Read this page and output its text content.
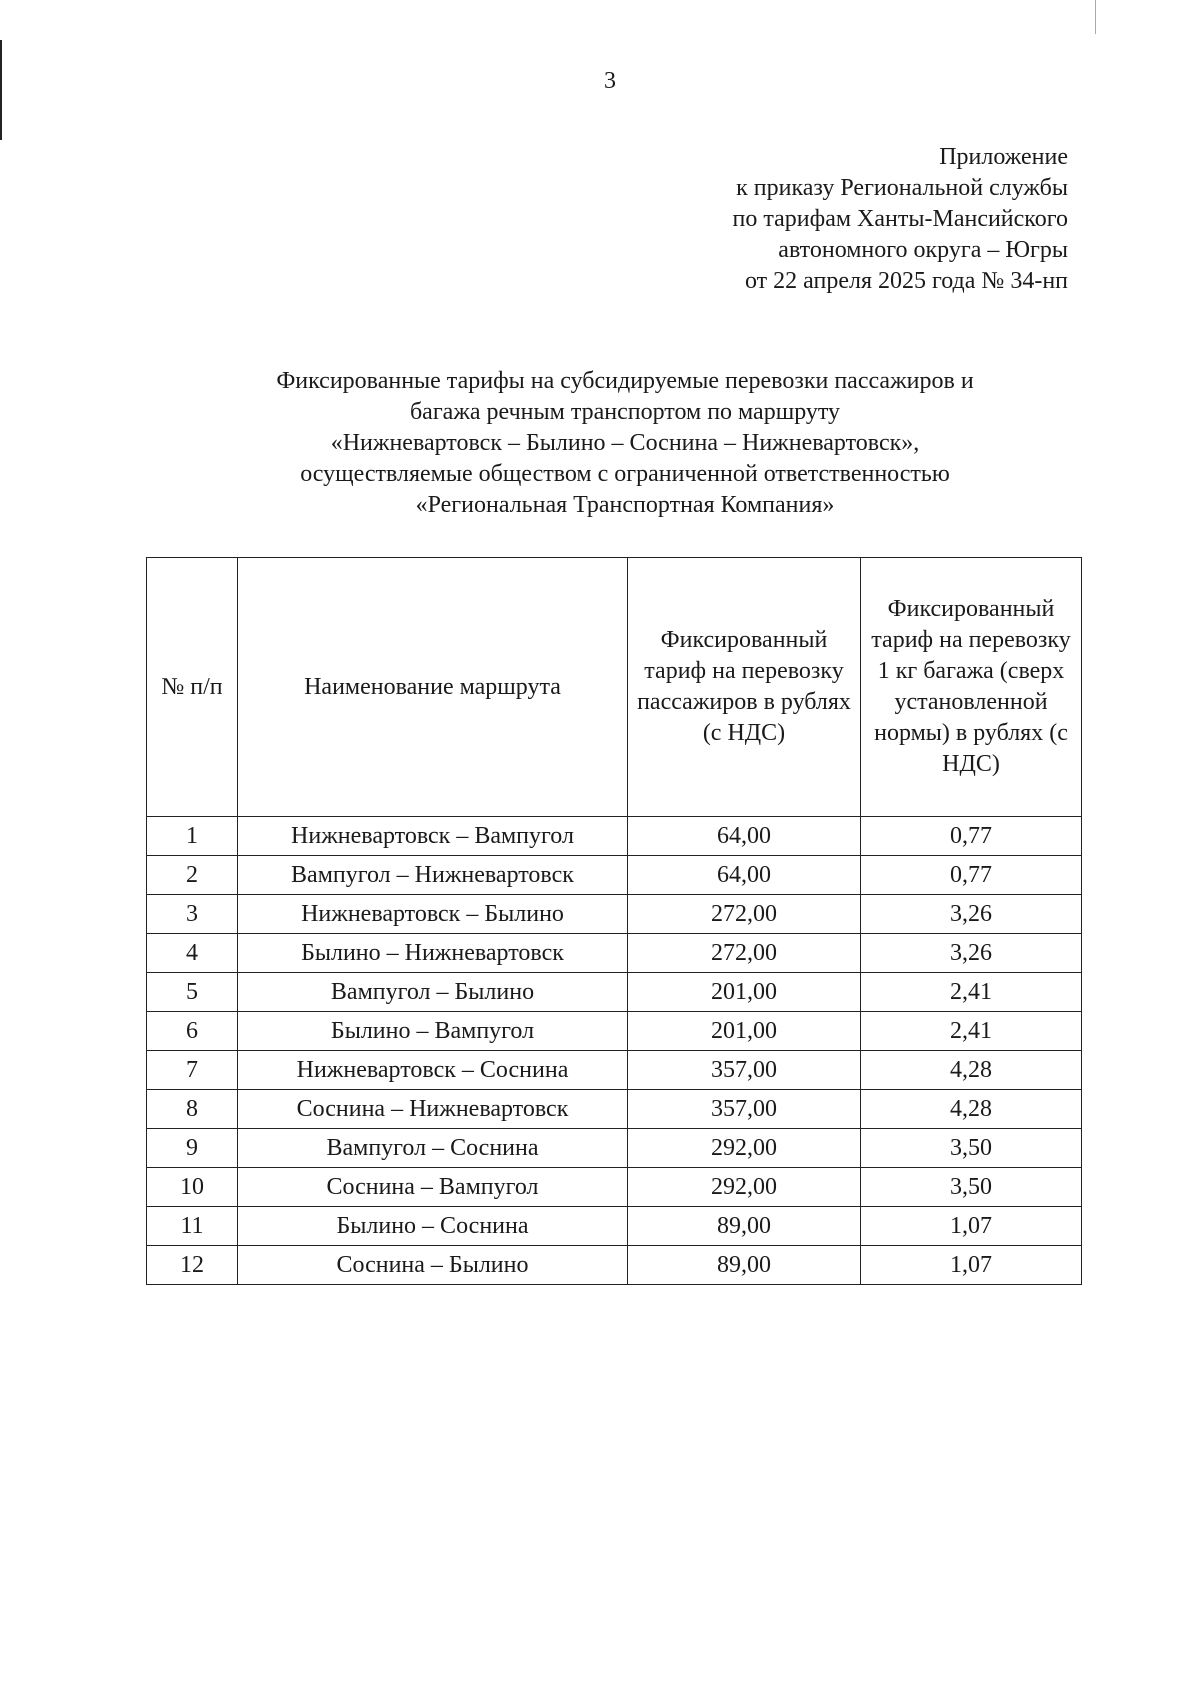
3
Приложение
к приказу Региональной службы
по тарифам Ханты-Мансийского
автономного округа – Югры
от 22 апреля 2025 года № 34-нп
Фиксированные тарифы на субсидируемые перевозки пассажиров и
багажа речным транспортом по маршруту
«Нижневартовск – Былино – Соснина – Нижневартовск»,
осуществляемые обществом с ограниченной ответственностью
«Региональная Транспортная Компания»
№ п/п	Наименование маршрута	Фиксированный тариф на перевозку пассажиров в рублях (с НДС)	Фиксированный тариф на перевозку 1 кг багажа (сверх установленной нормы) в рублях (с НДС)
1	Нижневартовск – Вампугол	64,00	0,77
2	Вампугол – Нижневартовск	64,00	0,77
3	Нижневартовск – Былино	272,00	3,26
4	Былино – Нижневартовск	272,00	3,26
5	Вампугол – Былино	201,00	2,41
6	Былино – Вампугол	201,00	2,41
7	Нижневартовск – Соснина	357,00	4,28
8	Соснина – Нижневартовск	357,00	4,28
9	Вампугол – Соснина	292,00	3,50
10	Соснина – Вампугол	292,00	3,50
11	Былино – Соснина	89,00	1,07
12	Соснина – Былино	89,00	1,07
